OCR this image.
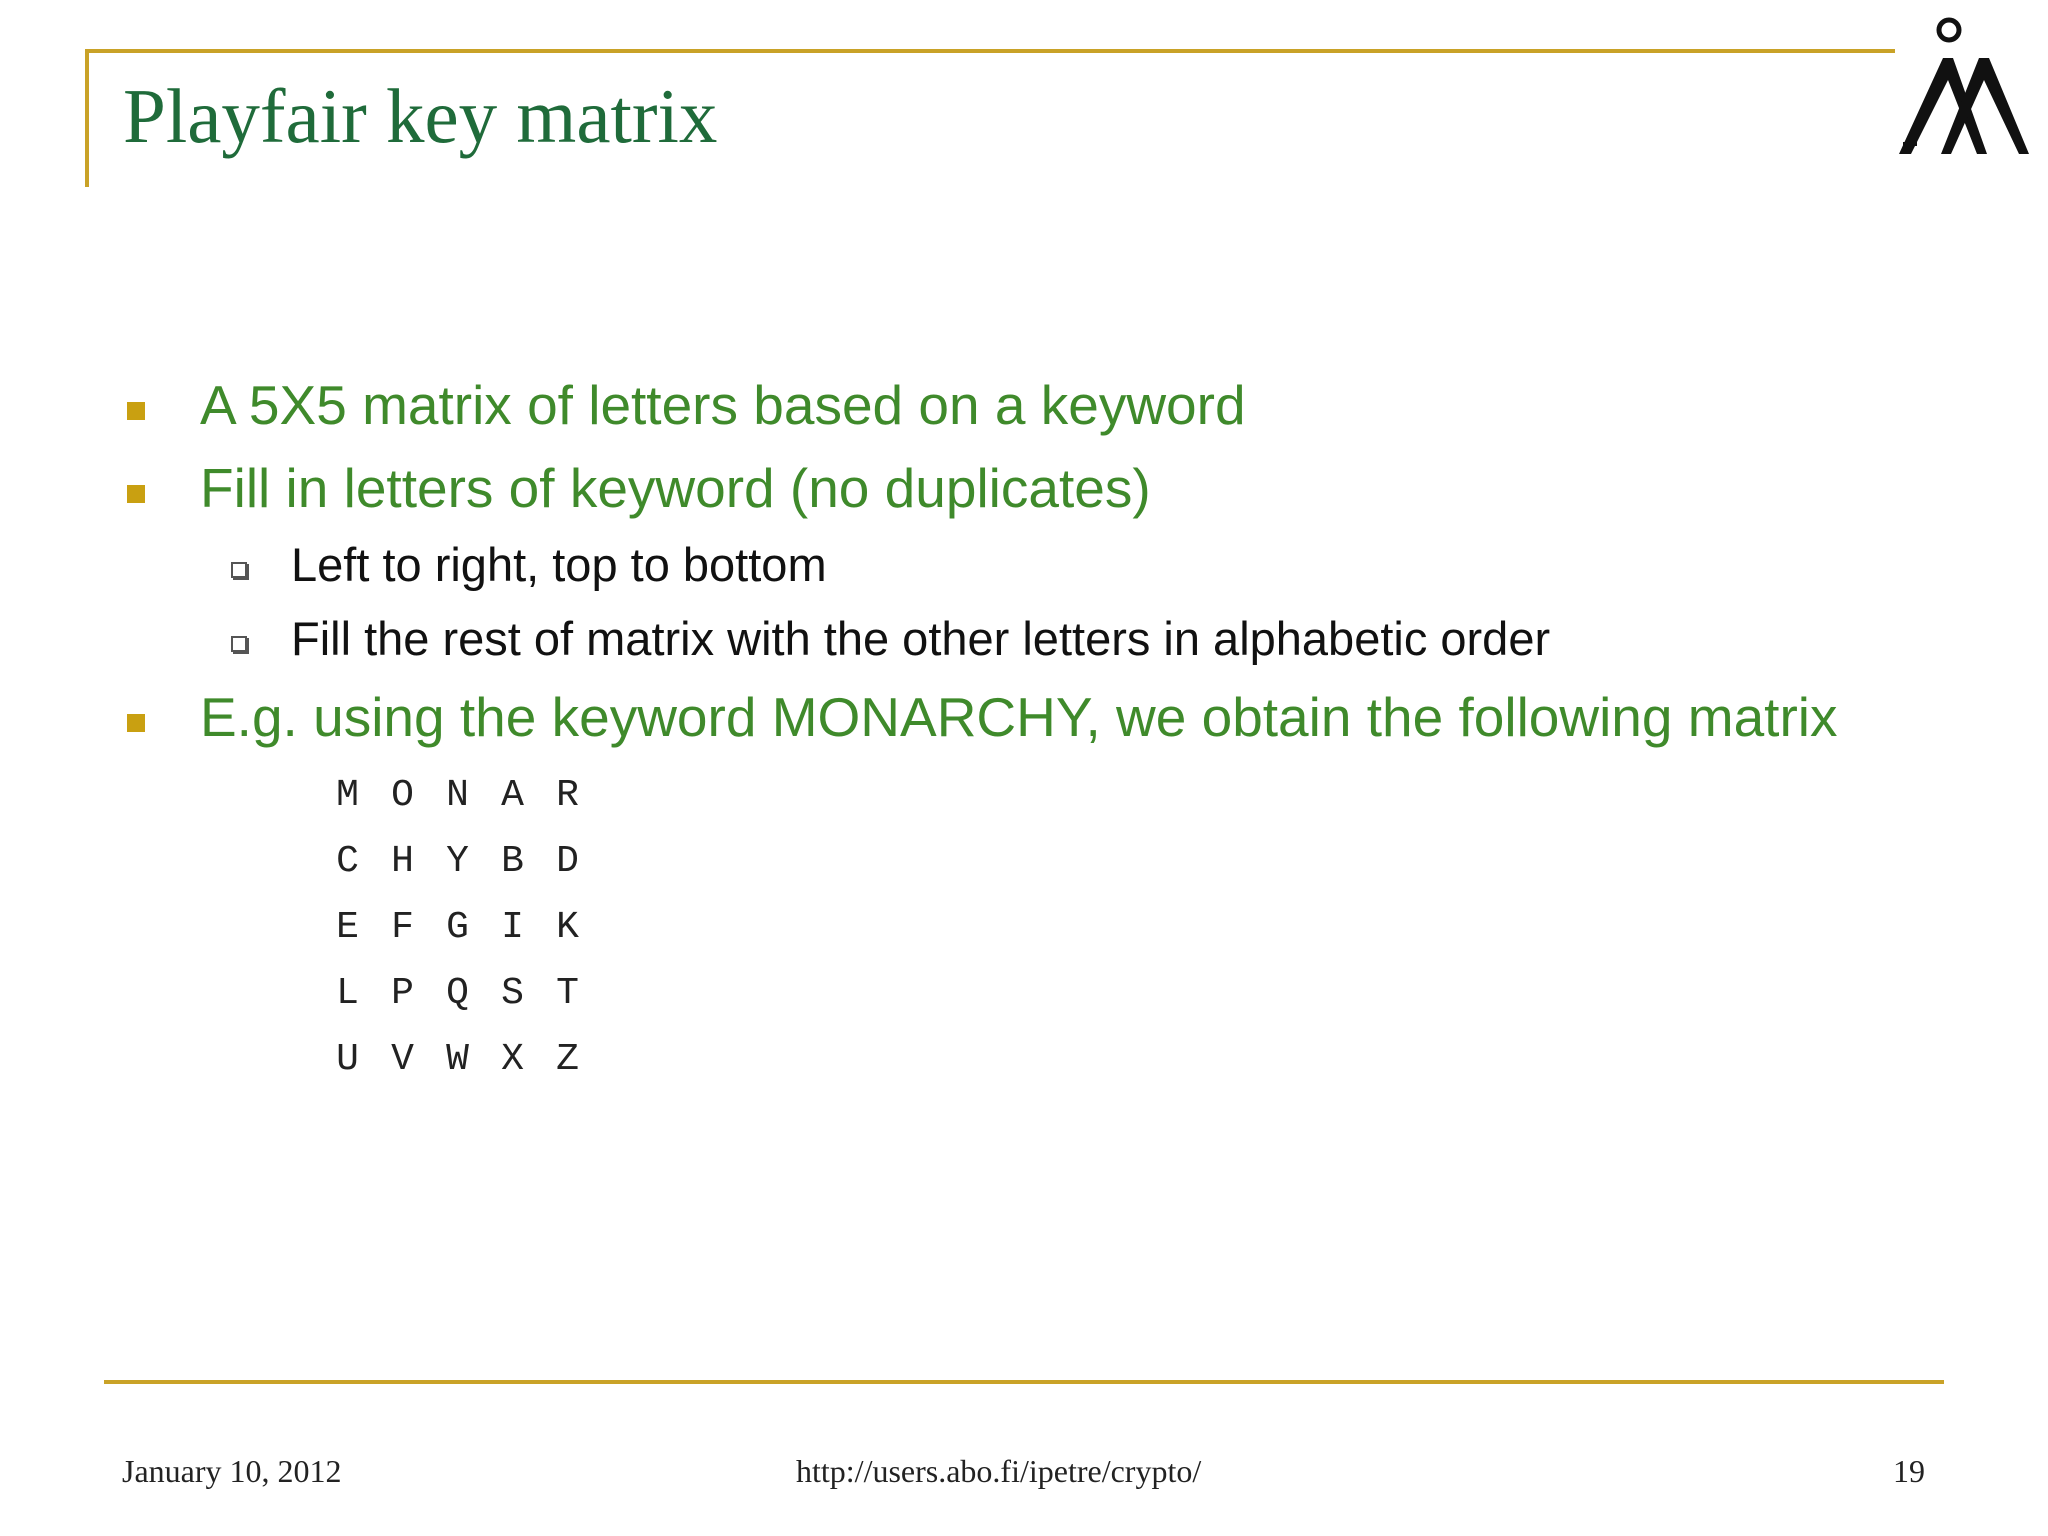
Playfair key matrix
A 5X5 matrix of letters based on a keyword
Fill in letters of keyword (no duplicates)
Left to right, top to bottom
Fill the rest of matrix with the other letters in alphabetic order
E.g. using the keyword MONARCHY, we obtain the following matrix
M O N A R
C H Y B D
E F G I K
L P Q S T
U V W X Z
January 10, 2012	http://users.abo.fi/ipetre/crypto/	19
